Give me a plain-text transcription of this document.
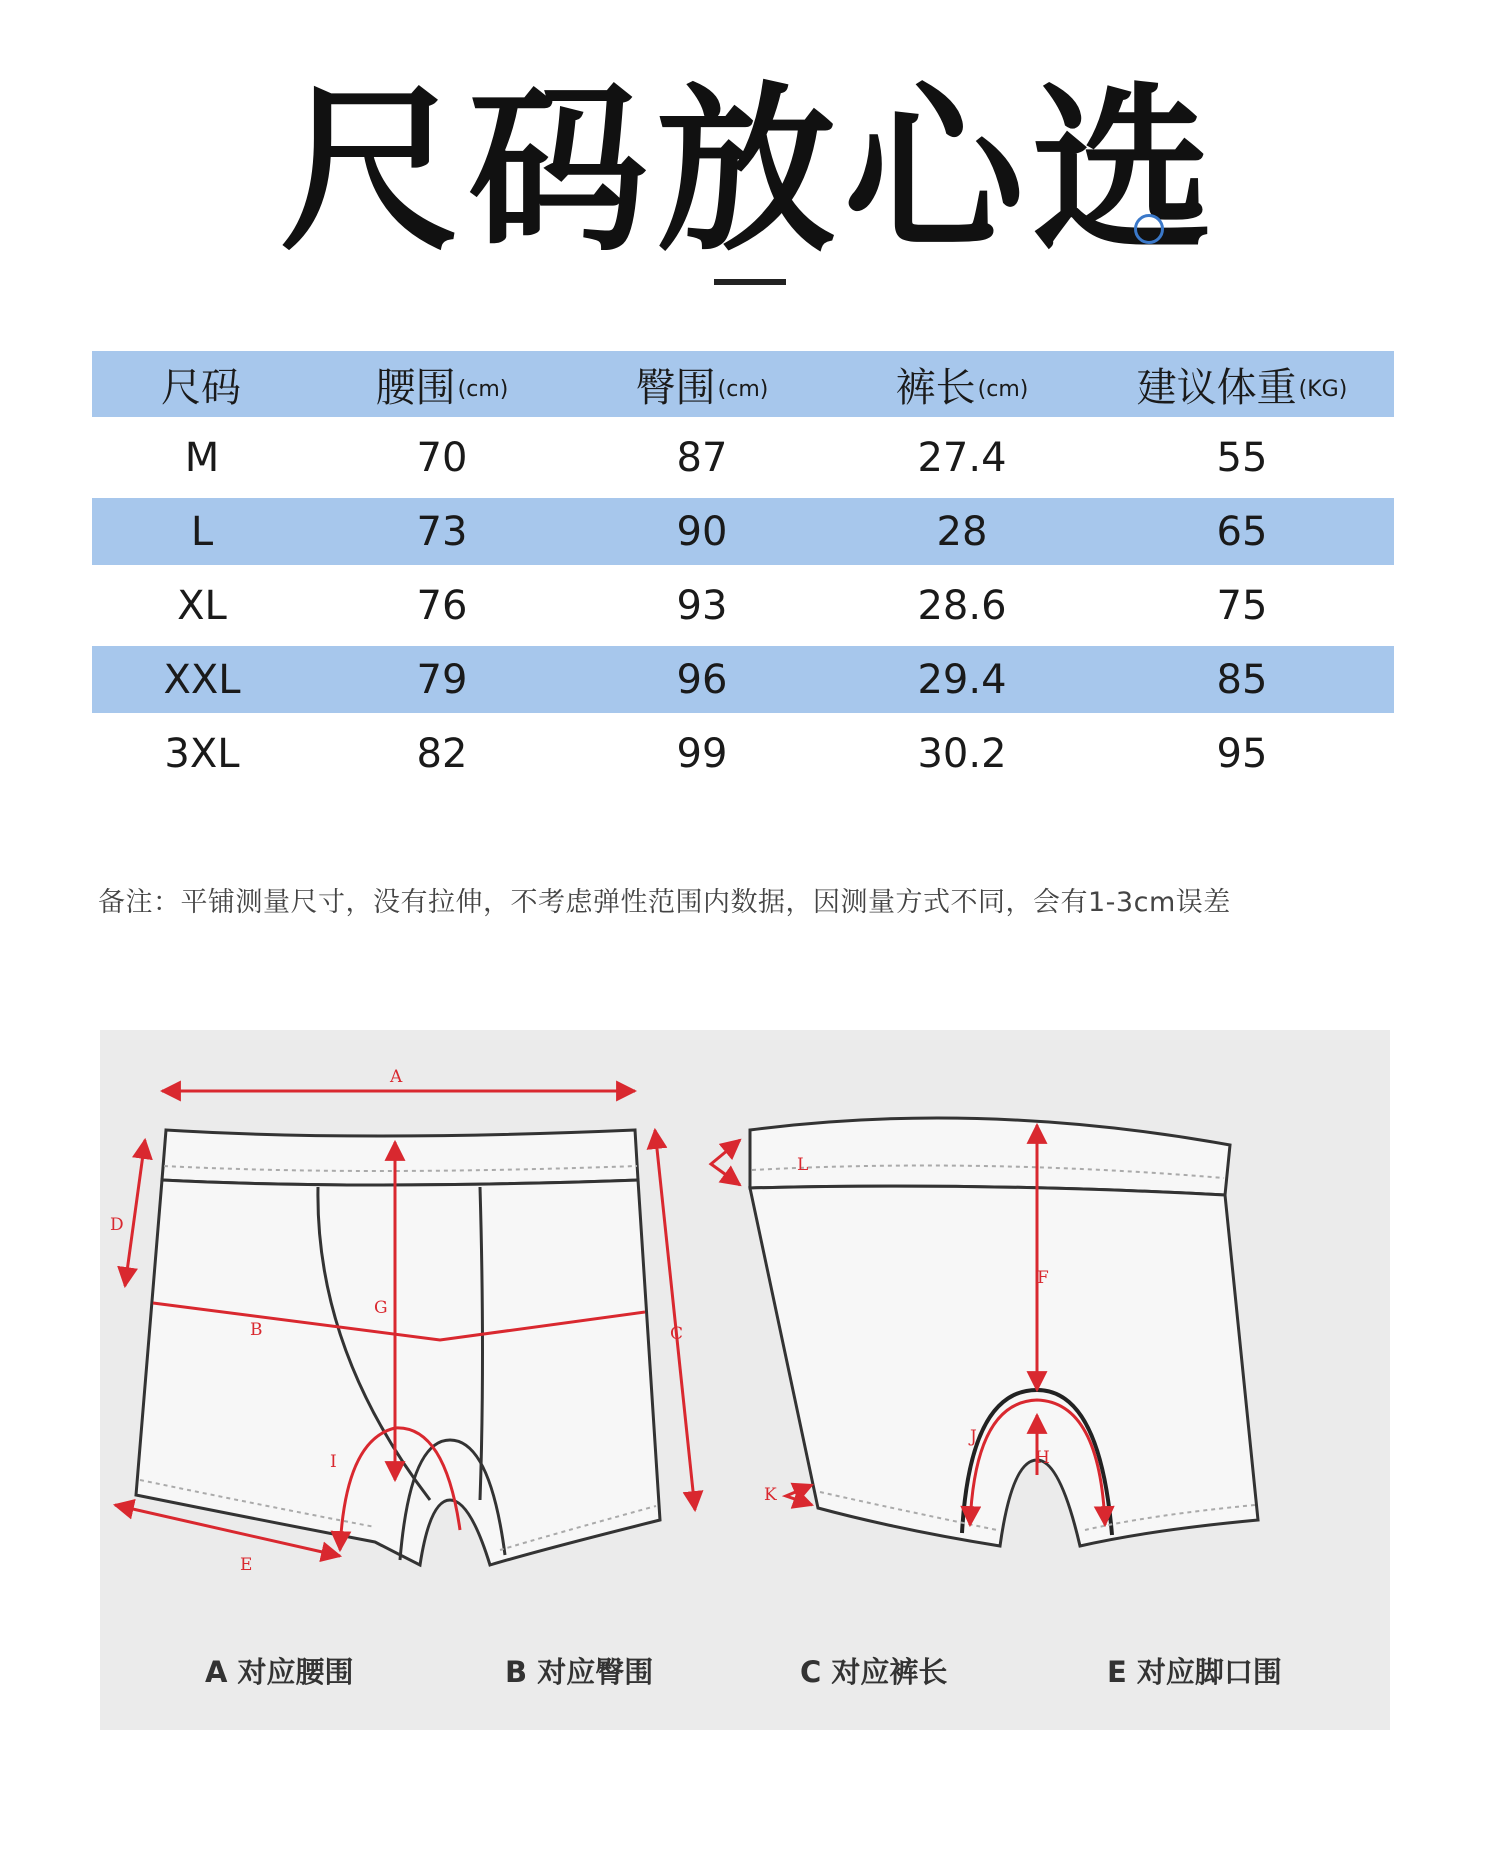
尺码放心选
尺码	腰围 (cm)	臀围 (cm)	裤长 (cm)	建议体重 (KG)
M	70	87	27.4	55
L	73	90	28	65
XL	76	93	28.6	75
XXL	79	96	29.4	85
3XL	82	99	30.2	95
备注：平铺测量尺寸，没有拉伸，不考虑弹性范围内数据，因测量方式不同，会有1-3cm误差
A
B	C
D
E
G
I
F
H
J
K
L
A 对应腰围	B 对应臀围	C 对应裤长	E 对应脚口围
